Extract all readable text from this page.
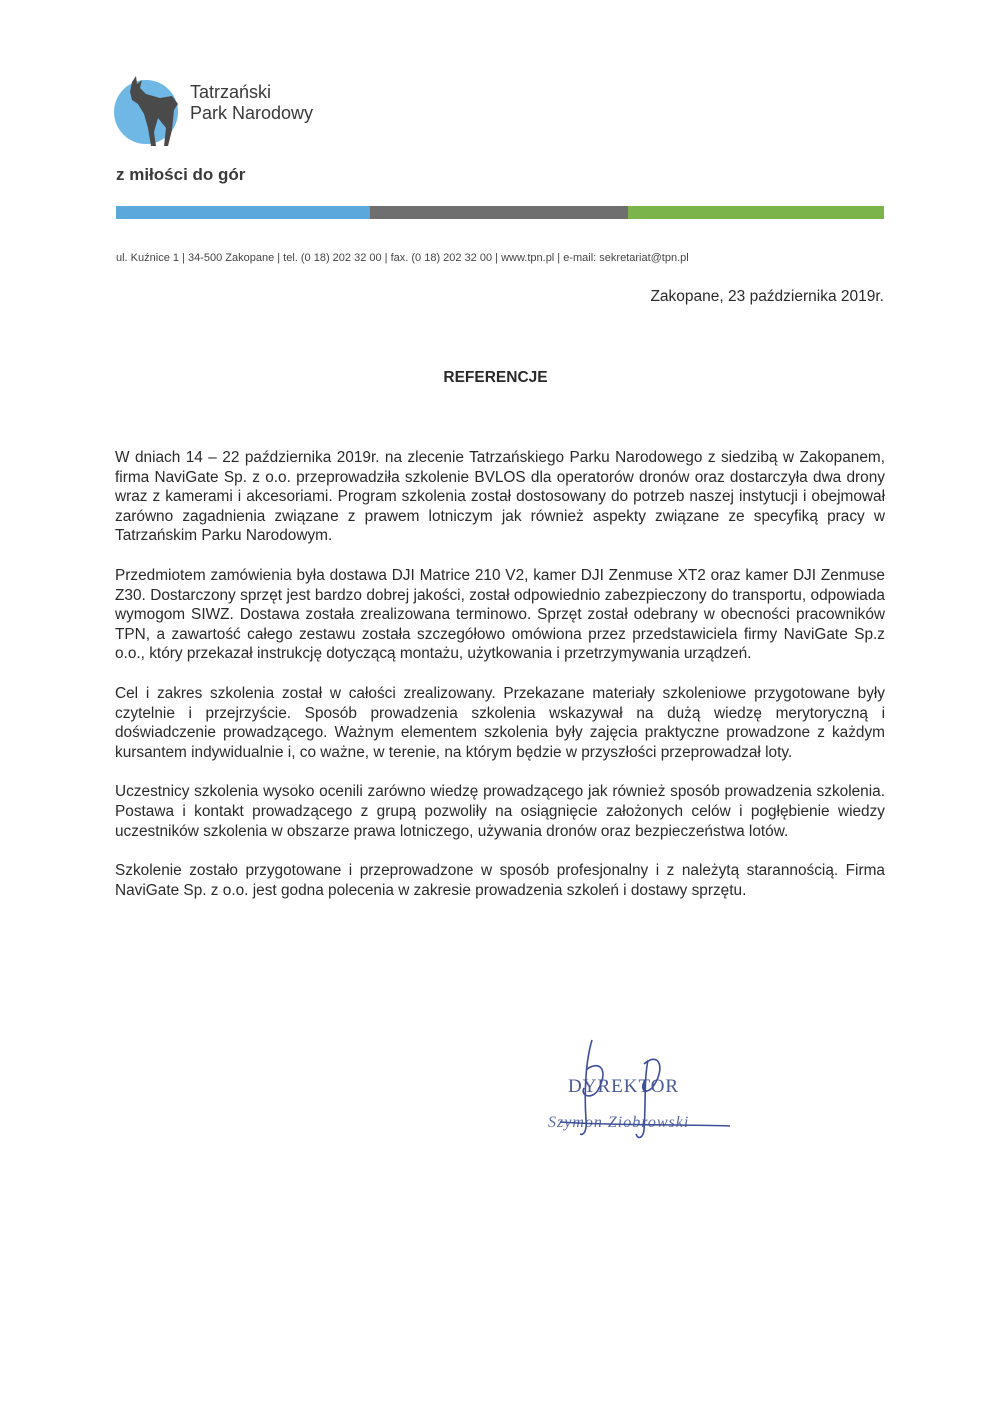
Tatrzański
Park Narodowy
z miłości do gór
ul. Kuźnice 1 | 34-500 Zakopane | tel. (0 18) 202 32 00 | fax. (0 18) 202 32 00 | www.tpn.pl | e-mail: sekretariat@tpn.pl
Zakopane, 23 października 2019r.
REFERENCJE

W dniach 14 – 22 października 2019r. na zlecenie Tatrzańskiego Parku Narodowego z siedzibą w Zakopanem, firma NaviGate Sp. z o.o. przeprowadziła szkolenie BVLOS dla operatorów dronów oraz dostarczyła dwa drony wraz z kamerami i akcesoriami. Program szkolenia został dostosowany do potrzeb naszej instytucji i obejmował zarówno zagadnienia związane z prawem lotniczym jak również aspekty związane ze specyfiką pracy w Tatrzańskim Parku Narodowym.

Przedmiotem zamówienia była dostawa DJI Matrice 210 V2, kamer DJI Zenmuse XT2 oraz kamer DJI Zenmuse Z30. Dostarczony sprzęt jest bardzo dobrej jakości, został odpowiednio zabezpieczony do transportu, odpowiada wymogom SIWZ. Dostawa została zrealizowana terminowo. Sprzęt został odebrany w obecności pracowników TPN, a zawartość całego zestawu została szczegółowo omówiona przez przedstawiciela firmy NaviGate Sp.z o.o., który przekazał instrukcję dotyczącą montażu, użytkowania i przetrzymywania urządzeń.

Cel i zakres szkolenia został w całości zrealizowany. Przekazane materiały szkoleniowe przygotowane były czytelnie i przejrzyście. Sposób prowadzenia szkolenia wskazywał na dużą wiedzę merytoryczną i doświadczenie prowadzącego. Ważnym elementem szkolenia były zajęcia praktyczne prowadzone z każdym kursantem indywidualnie i, co ważne, w terenie, na którym będzie w przyszłości przeprowadzał loty.

Uczestnicy szkolenia wysoko ocenili zarówno wiedzę prowadzącego jak również sposób prowadzenia szkolenia. Postawa i kontakt prowadzącego z grupą pozwoliły na osiągnięcie założonych celów i pogłębienie wiedzy uczestników szkolenia w obszarze prawa lotniczego, używania dronów oraz bezpieczeństwa lotów.

Szkolenie zostało przygotowane i przeprowadzone w sposób profesjonalny i z należytą starannością. Firma NaviGate Sp. z o.o. jest godna polecenia w zakresie prowadzenia szkoleń i dostawy sprzętu.

DYREKTOR
Szymon Ziobrowski
